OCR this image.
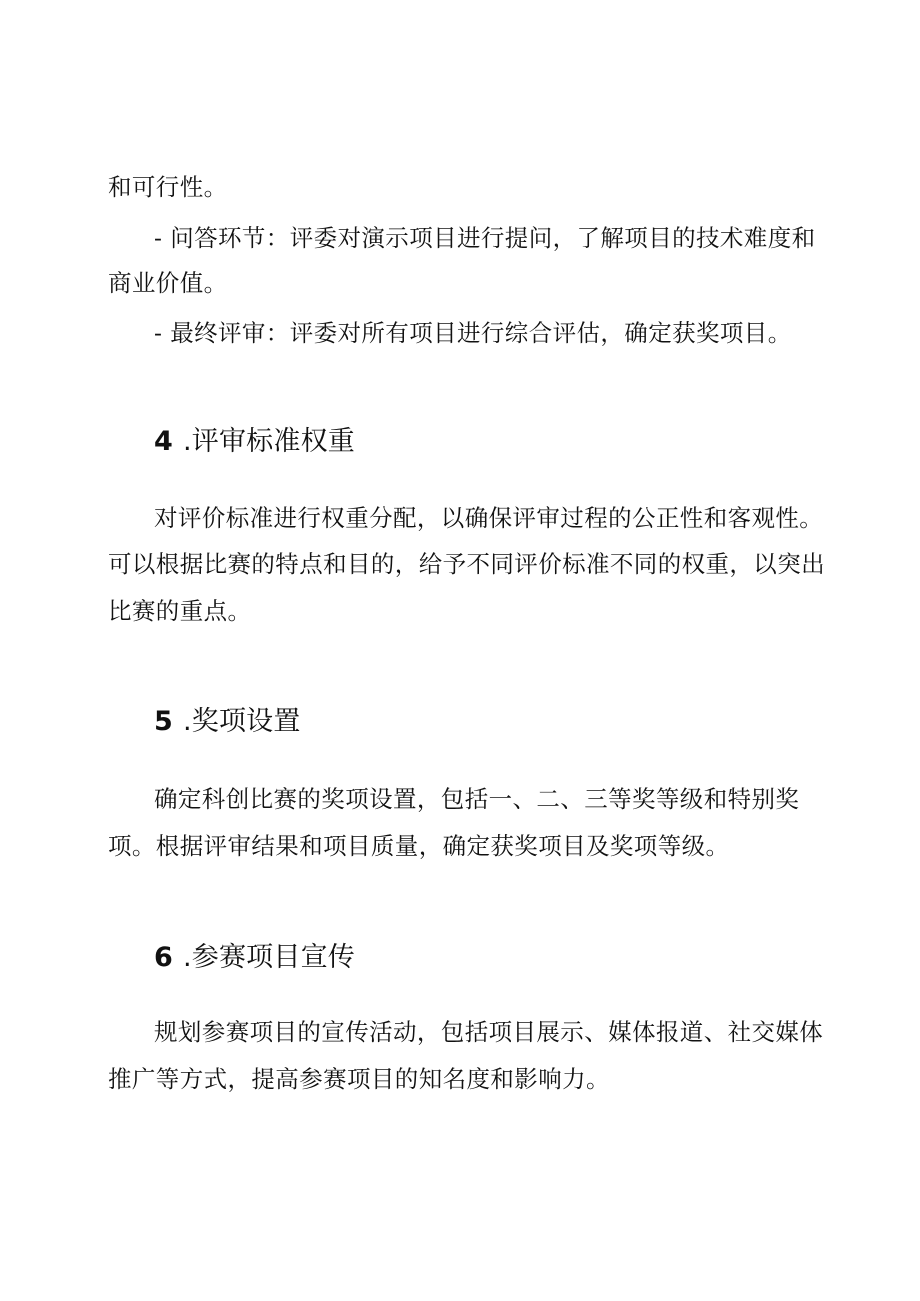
和可行性。
- 问答环节：评委对演示项目进行提问，了解项目的技术难度和
商业价值。
- 最终评审：评委对所有项目进行综合评估，确定获奖项目。
4 .评审标准权重
对评价标准进行权重分配，以确保评审过程的公正性和客观性。
可以根据比赛的特点和目的，给予不同评价标准不同的权重，以突出
比赛的重点。
5 .奖项设置
确定科创比赛的奖项设置，包括一、二、三等奖等级和特别奖
项。根据评审结果和项目质量，确定获奖项目及奖项等级。
6 .参赛项目宣传
规划参赛项目的宣传活动，包括项目展示、媒体报道、社交媒体
推广等方式，提高参赛项目的知名度和影响力。
